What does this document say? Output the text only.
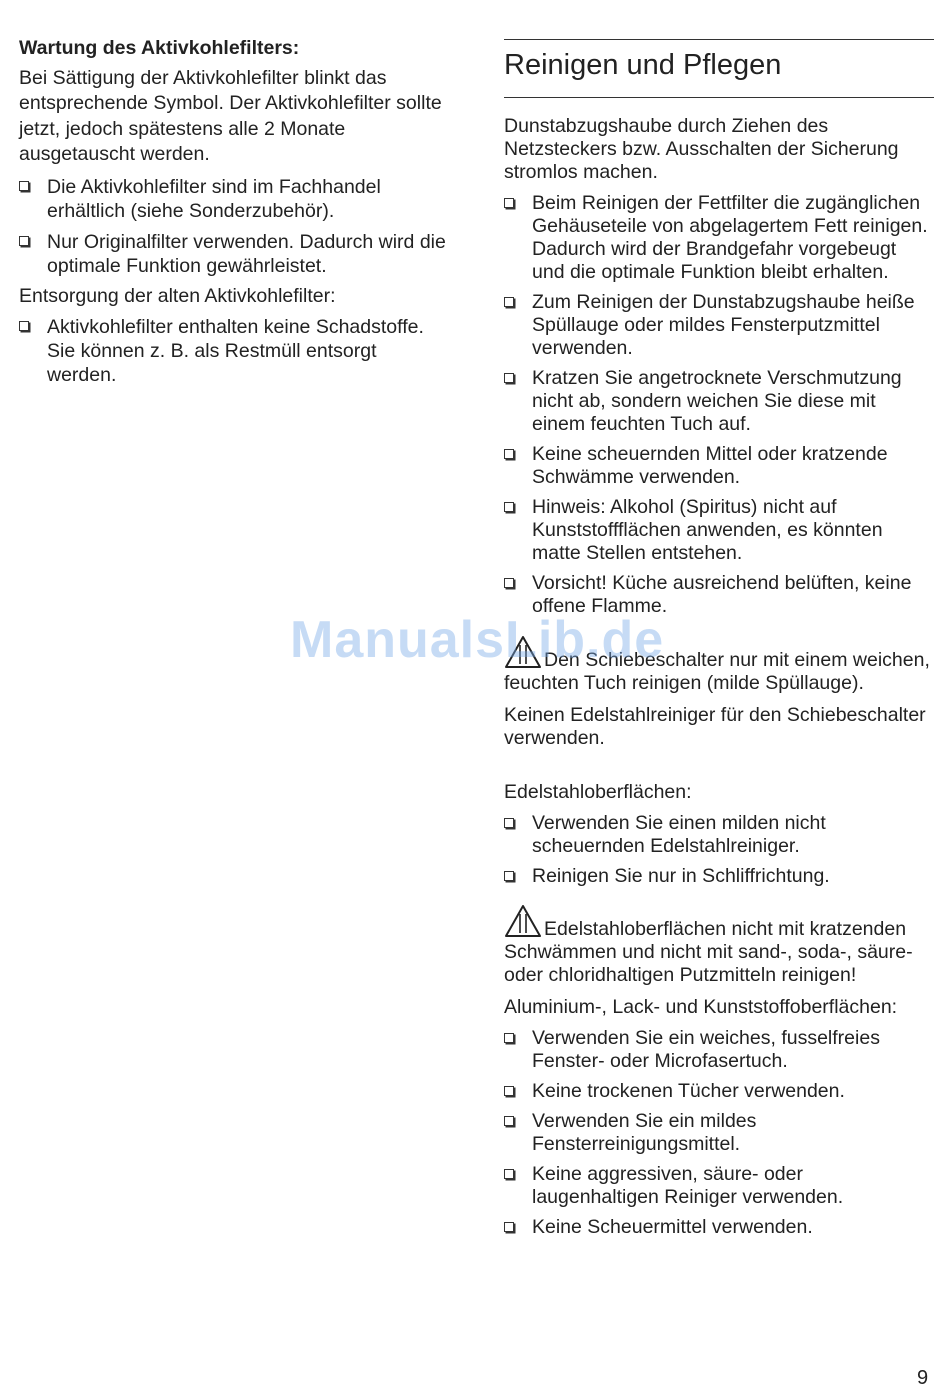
Wartung des Aktivkohlefilters:

Bei Sättigung der Aktivkohlefilter blinkt das entsprechende Symbol. Der Aktivkohlefilter sollte jetzt, jedoch spätestens alle 2 Monate ausgetauscht werden.

Die Aktivkohlefilter sind im Fachhandel erhältlich (siehe Sonderzubehör).
Nur Originalfilter verwenden. Dadurch wird die optimale Funktion gewährleistet.

Entsorgung der alten Aktivkohlefilter:

Aktivkohlefilter enthalten keine Schadstoffe. Sie können z. B. als Restmüll entsorgt werden.
Reinigen und Pflegen

Dunstabzugshaube durch Ziehen des Netzsteckers bzw. Ausschalten der Sicherung stromlos machen.

Beim Reinigen der Fettfilter die zugänglichen Gehäuseteile von abgelagertem Fett reinigen. Dadurch wird der Brandgefahr vorgebeugt und die optimale Funktion bleibt erhalten.
Zum Reinigen der Dunstabzugshaube heiße Spüllauge oder mildes Fensterputzmittel verwenden.
Kratzen Sie angetrocknete Verschmutzung nicht ab, sondern weichen Sie diese mit einem feuchten Tuch auf.
Keine scheuernden Mittel oder kratzende Schwämme verwenden.
Hinweis: Alkohol (Spiritus) nicht auf Kunststoffflächen anwenden, es könnten matte Stellen entstehen.
Vorsicht! Küche ausreichend belüften, keine offene Flamme.

Den Schiebeschalter nur mit einem weichen, feuchten Tuch reinigen (milde Spüllauge).

Keinen Edelstahlreiniger für den Schiebeschalter verwenden.

Edelstahloberflächen:

Verwenden Sie einen milden nicht scheuernden Edelstahlreiniger.
Reinigen Sie nur in Schliffrichtung.

Edelstahloberflächen nicht mit kratzenden Schwämmen und nicht mit sand-, soda-, säure- oder chloridhaltigen Putzmitteln reinigen!

Aluminium-, Lack- und Kunststoffoberflächen:

Verwenden Sie ein weiches, fusselfreies Fenster- oder Microfasertuch.
Keine trockenen Tücher verwenden.
Verwenden Sie ein mildes Fensterreinigungsmittel.
Keine aggressiven, säure- oder laugenhaltigen Reiniger verwenden.
Keine Scheuermittel verwenden.
ManualsLib.de
9
